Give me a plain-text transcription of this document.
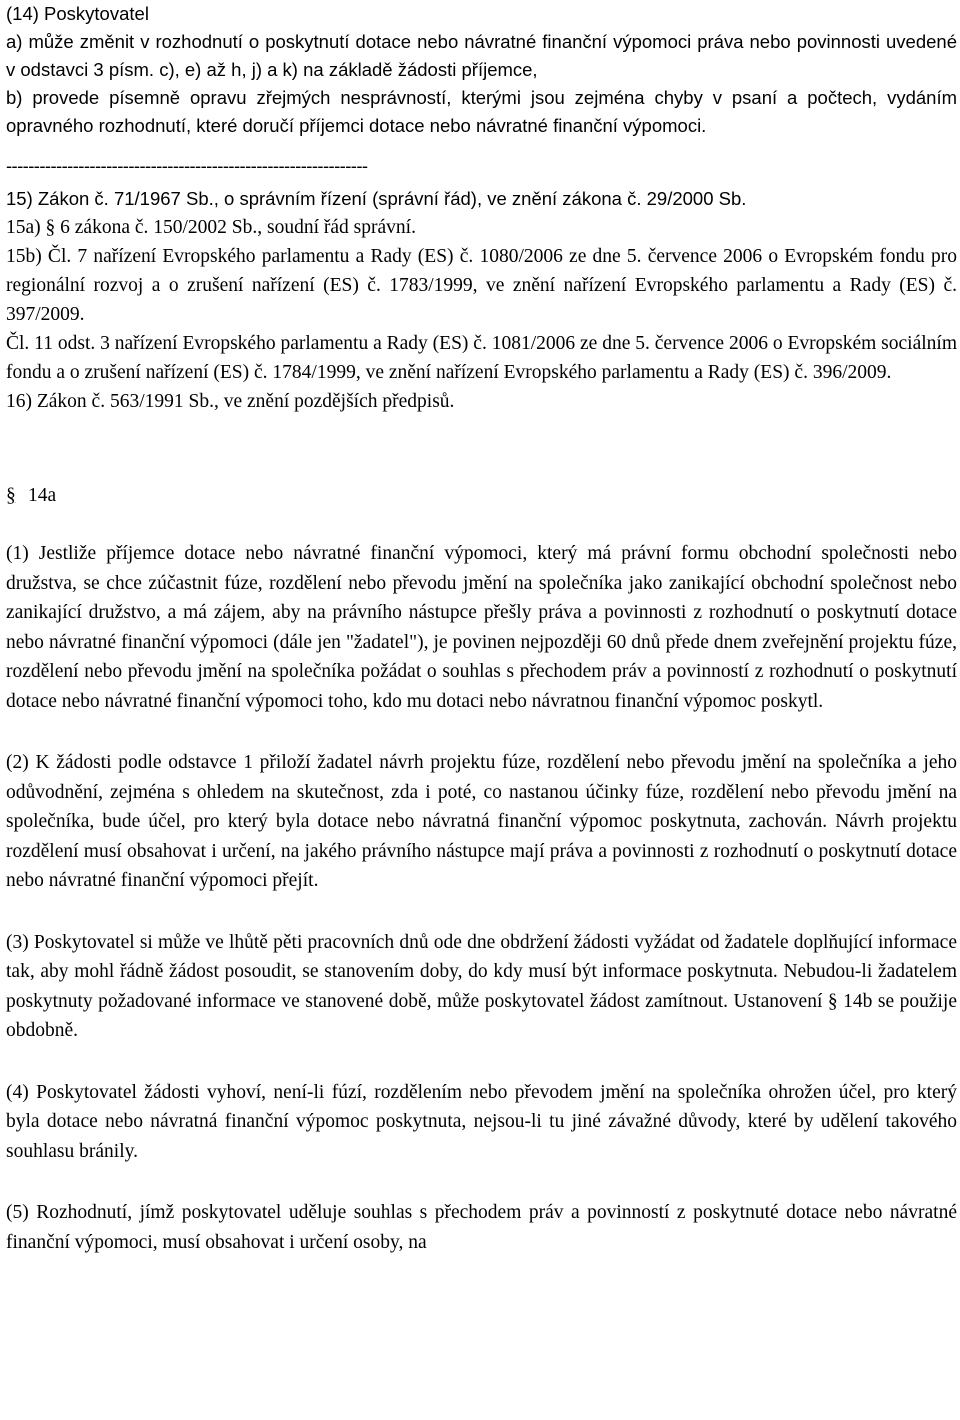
(14) Poskytovatel

a) může změnit v rozhodnutí o poskytnutí dotace nebo návratné finanční výpomoci práva nebo povinnosti uvedené v odstavci 3 písm. c), e) až h, j) a k) na základě žádosti příjemce,

b) provede písemně opravu zřejmých nesprávností, kterými jsou zejména chyby v psaní a počtech, vydáním opravného rozhodnutí, které doručí příjemci dotace nebo návratné finanční výpomoci.

-----------------------------------------------------------------

15) Zákon č. 71/1967 Sb., o správním řízení (správní řád), ve znění zákona č. 29/2000 Sb.

15a) § 6 zákona č. 150/2002 Sb., soudní řád správní.

15b) Čl. 7 nařízení Evropského parlamentu a Rady (ES) č. 1080/2006 ze dne 5. července 2006 o Evropském fondu pro regionální rozvoj a o zrušení nařízení (ES) č. 1783/1999, ve znění nařízení Evropského parlamentu a Rady (ES) č. 397/2009.

Čl. 11 odst. 3 nařízení Evropského parlamentu a Rady (ES) č. 1081/2006 ze dne 5. července 2006 o Evropském sociálním fondu a o zrušení nařízení (ES) č. 1784/1999, ve znění nařízení Evropského parlamentu a Rady (ES) č. 396/2009.

16) Zákon č. 563/1991 Sb., ve znění pozdějších předpisů.

§ 14a

(1) Jestliže příjemce dotace nebo návratné finanční výpomoci, který má právní formu obchodní společnosti nebo družstva, se chce zúčastnit fúze, rozdělení nebo převodu jmění na společníka jako zanikající obchodní společnost nebo zanikající družstvo, a má zájem, aby na právního nástupce přešly práva a povinnosti z rozhodnutí o poskytnutí dotace nebo návratné finanční výpomoci (dále jen "žadatel"), je povinen nejpozději 60 dnů přede dnem zveřejnění projektu fúze, rozdělení nebo převodu jmění na společníka požádat o souhlas s přechodem práv a povinností z rozhodnutí o poskytnutí dotace nebo návratné finanční výpomoci toho, kdo mu dotaci nebo návratnou finanční výpomoc poskytl.

(2) K žádosti podle odstavce 1 přiloží žadatel návrh projektu fúze, rozdělení nebo převodu jmění na společníka a jeho odůvodnění, zejména s ohledem na skutečnost, zda i poté, co nastanou účinky fúze, rozdělení nebo převodu jmění na společníka, bude účel, pro který byla dotace nebo návratná finanční výpomoc poskytnuta, zachován. Návrh projektu rozdělení musí obsahovat i určení, na jakého právního nástupce mají práva a povinnosti z rozhodnutí o poskytnutí dotace nebo návratné finanční výpomoci přejít.

(3) Poskytovatel si může ve lhůtě pěti pracovních dnů ode dne obdržení žádosti vyžádat od žadatele doplňující informace tak, aby mohl řádně žádost posoudit, se stanovením doby, do kdy musí být informace poskytnuta. Nebudou-li žadatelem poskytnuty požadované informace ve stanovené době, může poskytovatel žádost zamítnout. Ustanovení § 14b se použije obdobně.

(4) Poskytovatel žádosti vyhoví, není-li fúzí, rozdělením nebo převodem jmění na společníka ohrožen účel, pro který byla dotace nebo návratná finanční výpomoc poskytnuta, nejsou-li tu jiné závažné důvody, které by udělení takového souhlasu bránily.

(5) Rozhodnutí, jímž poskytovatel uděluje souhlas s přechodem práv a povinností z poskytnuté dotace nebo návratné finanční výpomoci, musí obsahovat i určení osoby, na
